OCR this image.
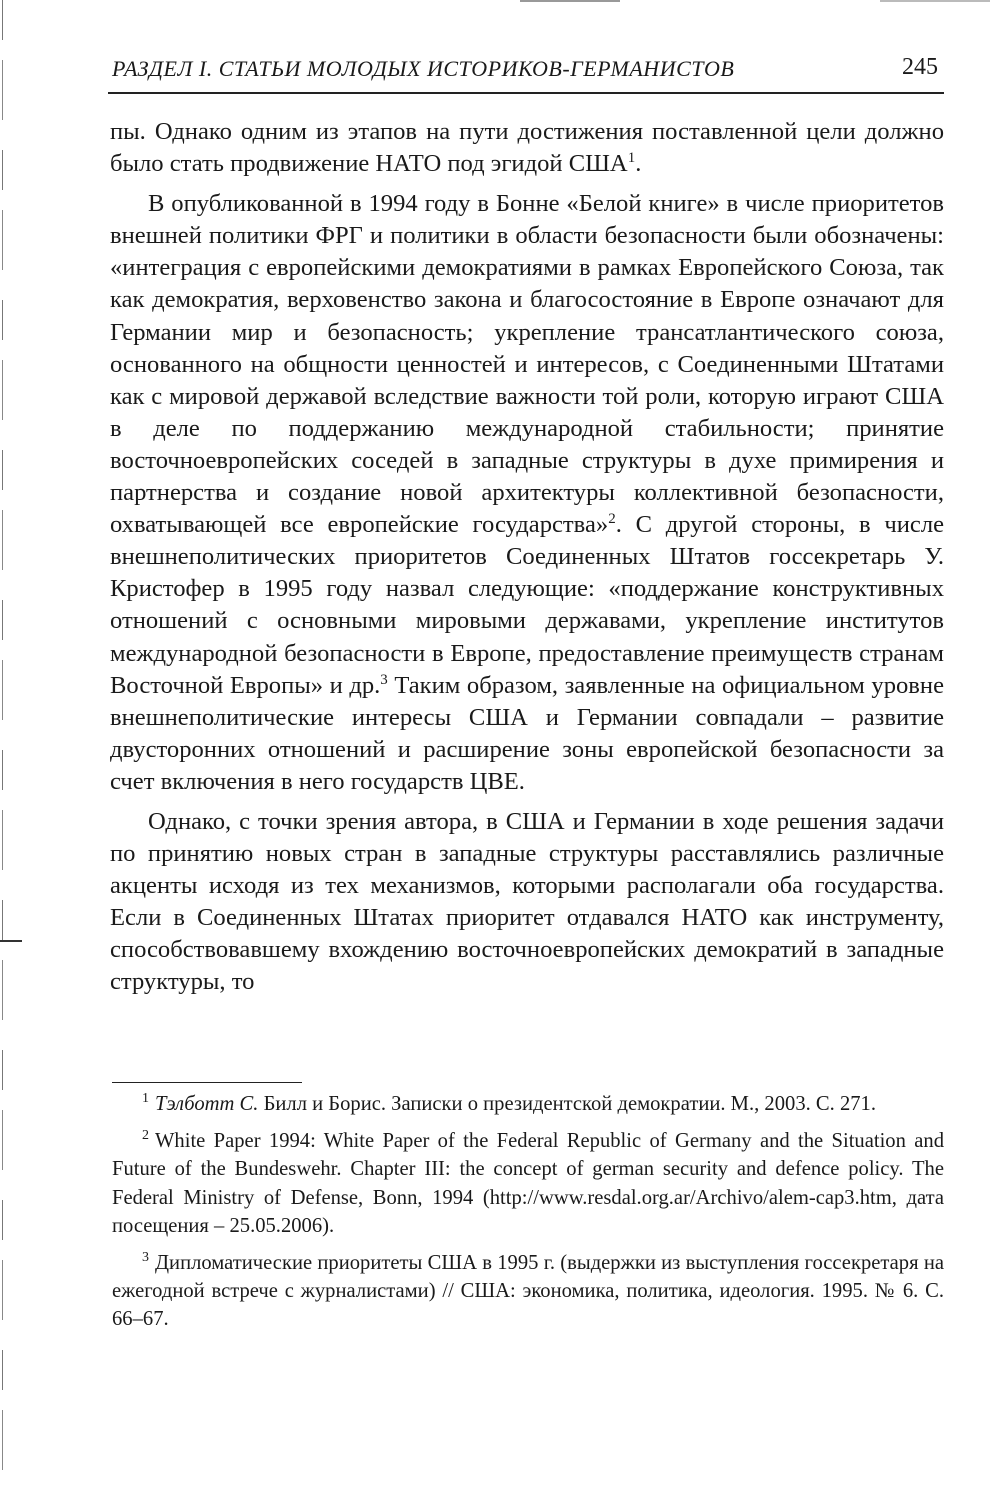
РАЗДЕЛ I. СТАТЬИ МОЛОДЫХ ИСТОРИКОВ-ГЕРМАНИСТОВ	245

пы. Однако одним из этапов на пути достижения поставленной цели должно было стать продвижение НАТО под эгидой США$^1$.

В опубликованной в 1994 году в Бонне «Белой книге» в числе приоритетов внешней политики ФРГ и политики в области безопасности были обозначены: «интеграция с европейскими демократиями в рамках Европейского Союза, так как демократия, верховенство закона и благосостояние в Европе означают для Германии мир и безопасность; укрепление трансатлантического союза, основанного на общности ценностей и интересов, с Соединенными Штатами как с мировой державой вследствие важности той роли, которую играют США в деле по поддержанию международной стабильности; принятие восточноевропейских соседей в западные структуры в духе примирения и партнерства и создание новой архитектуры коллективной безопасности, охватывающей все европейские государства»$^2$. С другой стороны, в числе внешнеполитических приоритетов Соединенных Штатов госсекретарь У. Кристофер в 1995 году назвал следующие: «поддержание конструктивных отношений с основными мировыми державами, укрепление институтов международной безопасности в Европе, предоставление преимуществ странам Восточной Европы» и др.$^3$ Таким образом, заявленные на официальном уровне внешнеполитические интересы США и Германии совпадали – развитие двусторонних отношений и расширение зоны европейской безопасности за счет включения в него государств ЦВЕ.

Однако, с точки зрения автора, в США и Германии в ходе решения задачи по принятию новых стран в западные структуры расставлялись различные акценты исходя из тех механизмов, которыми располагали оба государства. Если в Соединенных Штатах приоритет отдавался НАТО как инструменту, способствовавшему вхождению восточноевропейских демократий в западные структуры, то

$^1$ Тэлботт С. Билл и Борис. Записки о президентской демократии. М., 2003. С. 271.

$^2$ White Paper 1994: White Paper of the Federal Republic of Germany and the Situation and Future of the Bundeswehr. Chapter III: the concept of german security and defence policy. The Federal Ministry of Defense, Bonn, 1994 (http://www.resdal.org.ar/Archivo/alem-cap3.htm, дата посещения – 25.05.2006).

$^3$ Дипломатические приоритеты США в 1995 г. (выдержки из выступления госсекретаря на ежегодной встрече с журналистами) // США: экономика, политика, идеология. 1995. № 6. С. 66–67.
